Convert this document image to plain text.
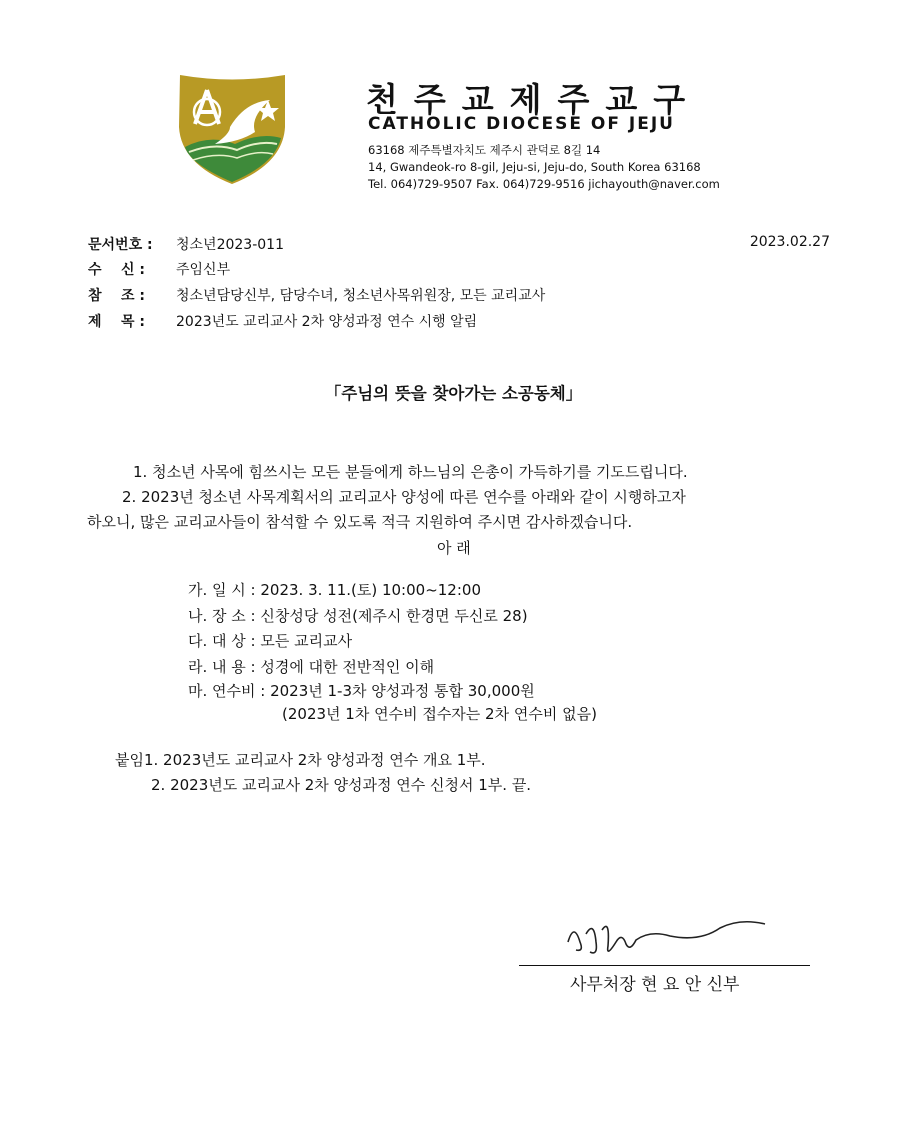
천주교제주교구
CATHOLIC DIOCESE OF JEJU
63168 제주특별자치도 제주시 관덕로 8길 14
14, Gwandeok-ro 8-gil, Jeju-si, Jeju-do, South Korea 63168
Tel. 064)729-9507 Fax. 064)729-9516 jichayouth@naver.com
문서번호 :	청소년2023-011	2023.02.27
수    신 :	주임신부
참    조 :	청소년담당신부, 담당수녀, 청소년사목위원장, 모든 교리교사
제    목 :	2023년도 교리교사 2차 양성과정 연수 시행 알림
「주님의 뜻을 찾아가는 소공동체」
1. 청소년 사목에 힘쓰시는 모든 분들에게 하느님의 은총이 가득하기를 기도드립니다.
2. 2023년 청소년 사목계획서의 교리교사 양성에 따른 연수를 아래와 같이 시행하고자
하오니, 많은 교리교사들이 참석할 수 있도록 적극 지원하여 주시면 감사하겠습니다.
아 래
가. 일 시 : 2023. 3. 11.(토) 10:00~12:00
나. 장 소 : 신창성당 성전(제주시 한경면 두신로 28)
다. 대 상 : 모든 교리교사
라. 내 용 : 성경에 대한 전반적인 이해
마. 연수비 : 2023년 1-3차 양성과정 통합 30,000원
(2023년 1차 연수비 접수자는 2차 연수비 없음)
붙임1. 2023년도 교리교사 2차 양성과정 연수 개요 1부.
2. 2023년도 교리교사 2차 양성과정 연수 신청서 1부. 끝.
사무처장 현 요 안 신부
